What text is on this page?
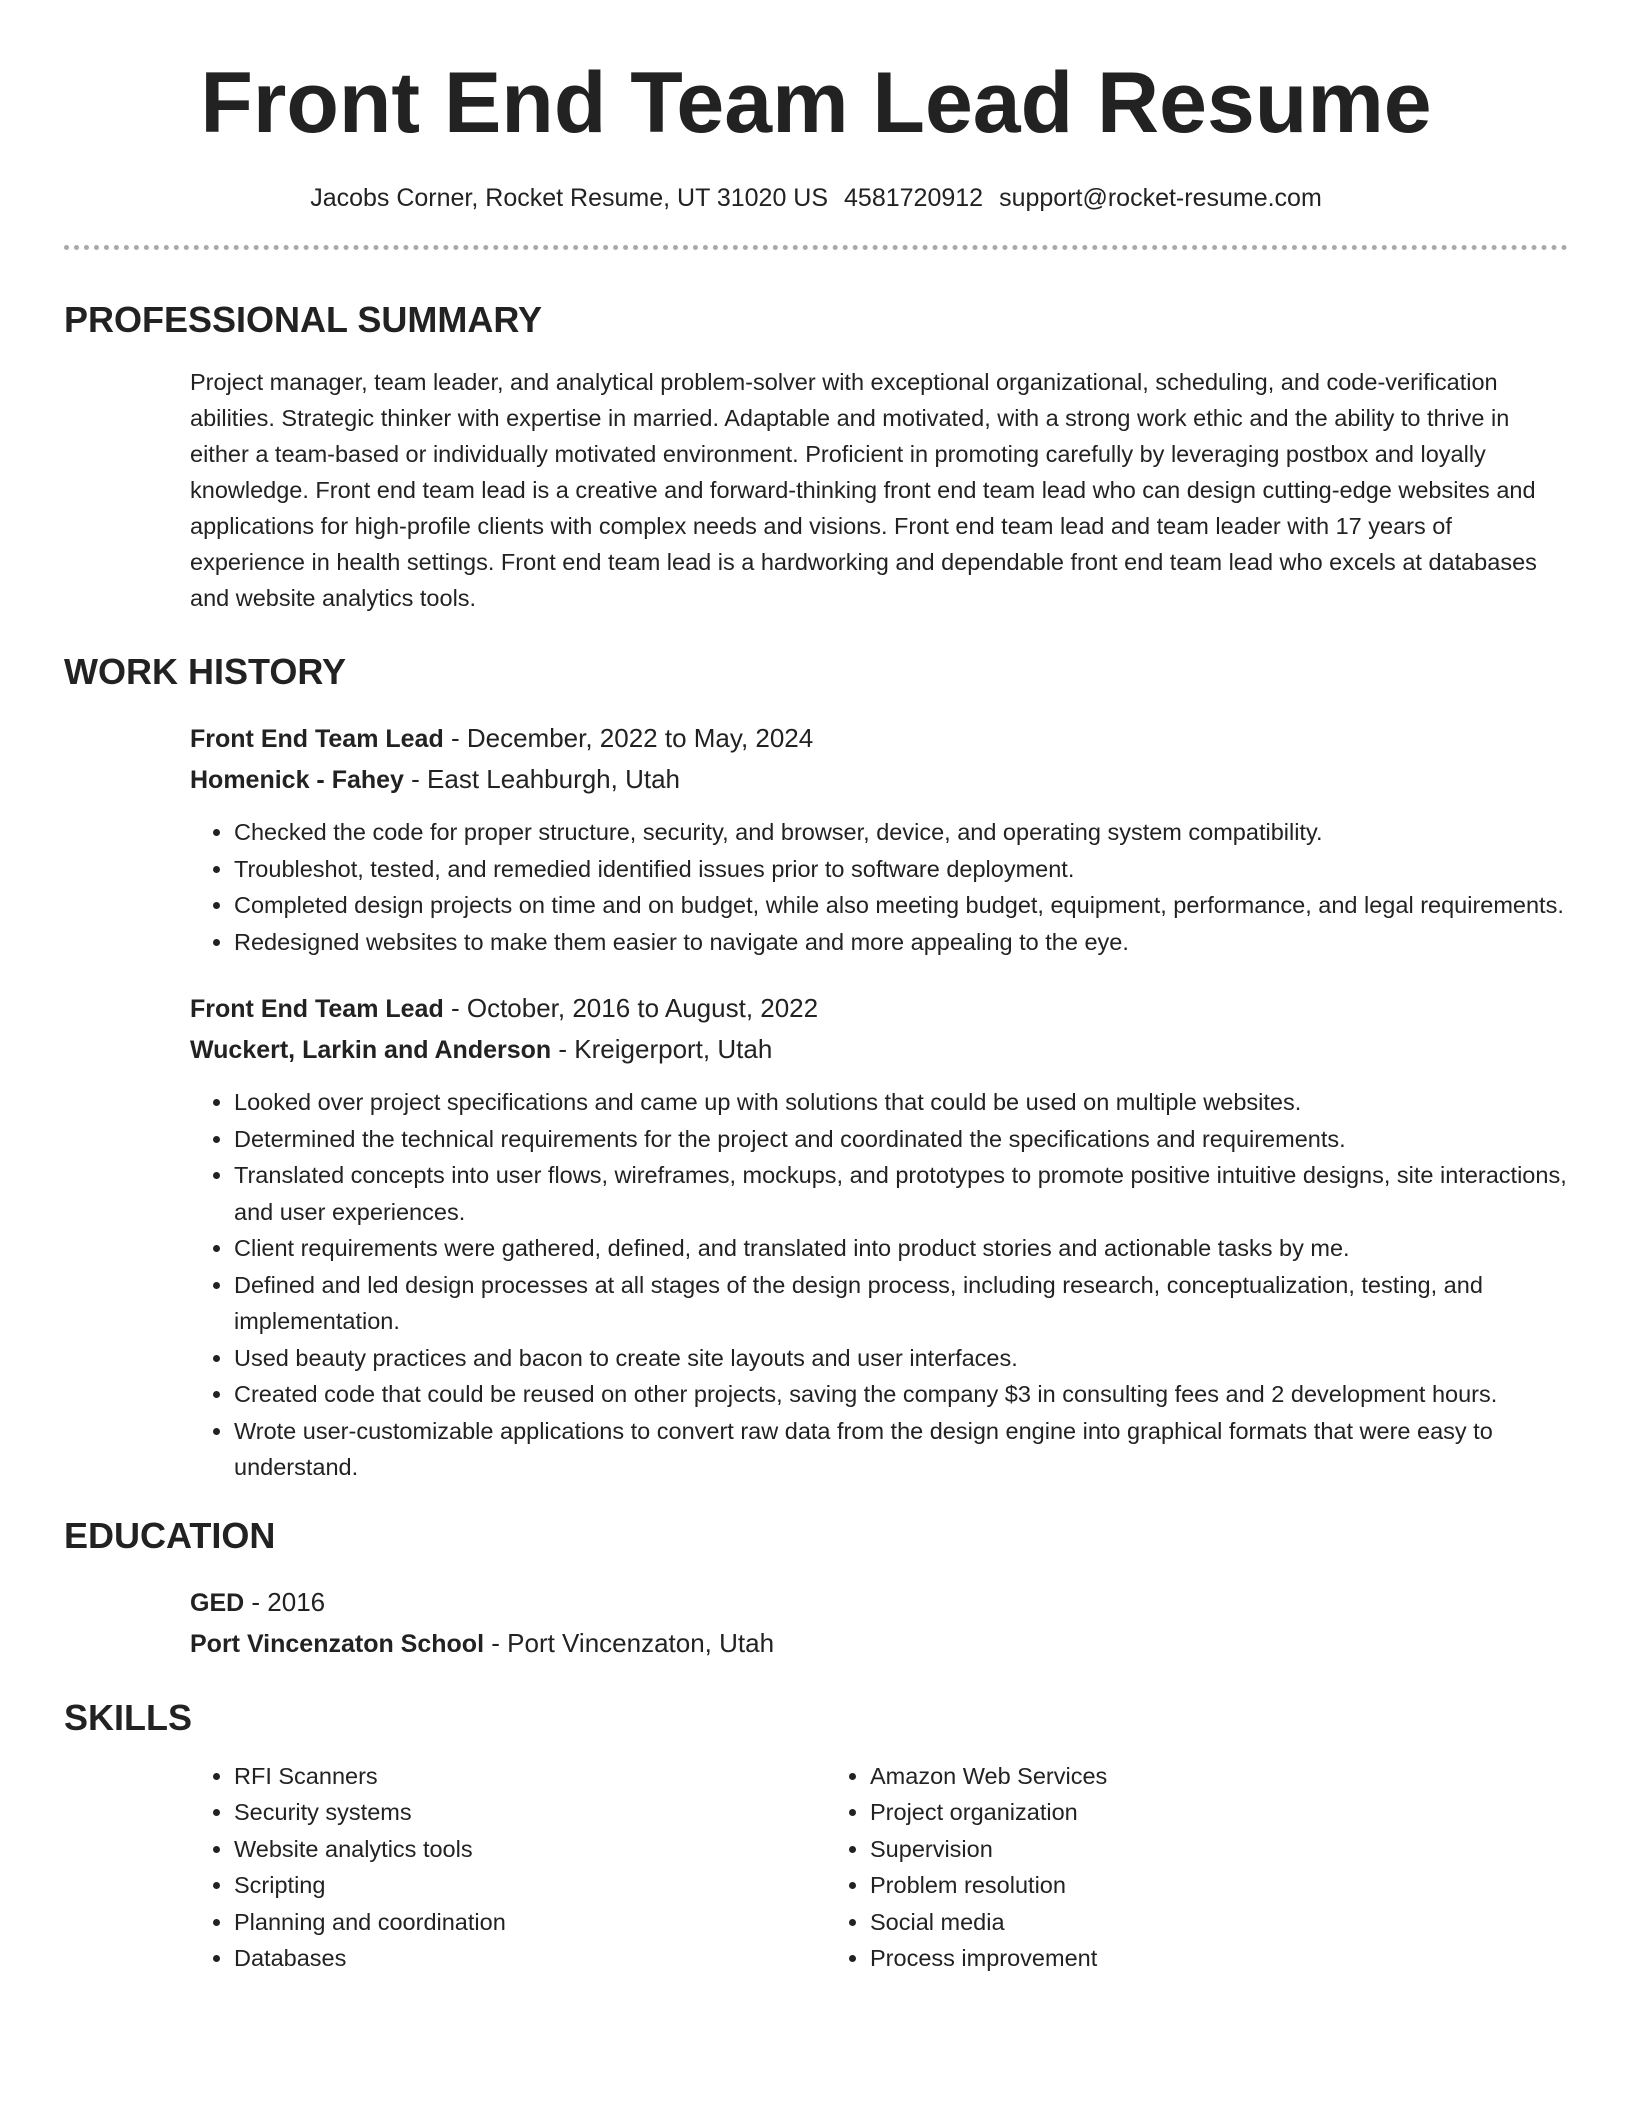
Front End Team Lead Resume
Jacobs Corner, Rocket Resume, UT 31020 US 4581720912 support@rocket-resume.com
PROFESSIONAL SUMMARY

Project manager, team leader, and analytical problem-solver with exceptional organizational, scheduling, and code-verification abilities. Strategic thinker with expertise in married. Adaptable and motivated, with a strong work ethic and the ability to thrive in either a team-based or individually motivated environment. Proficient in promoting carefully by leveraging postbox and loyally knowledge. Front end team lead is a creative and forward-thinking front end team lead who can design cutting-edge websites and applications for high-profile clients with complex needs and visions. Front end team lead and team leader with 17 years of experience in health settings. Front end team lead is a hardworking and dependable front end team lead who excels at databases and website analytics tools.

WORK HISTORY
Front End Team Lead - December, 2022 to May, 2024
Homenick - Fahey - East Leahburgh, Utah
• Checked the code for proper structure, security, and browser, device, and operating system compatibility.
• Troubleshot, tested, and remedied identified issues prior to software deployment.
• Completed design projects on time and on budget, while also meeting budget, equipment, performance, and legal requirements.
• Redesigned websites to make them easier to navigate and more appealing to the eye.
Front End Team Lead - October, 2016 to August, 2022
Wuckert, Larkin and Anderson - Kreigerport, Utah
• Looked over project specifications and came up with solutions that could be used on multiple websites.
• Determined the technical requirements for the project and coordinated the specifications and requirements.
• Translated concepts into user flows, wireframes, mockups, and prototypes to promote positive intuitive designs, site interactions, and user experiences.
• Client requirements were gathered, defined, and translated into product stories and actionable tasks by me.
• Defined and led design processes at all stages of the design process, including research, conceptualization, testing, and implementation.
• Used beauty practices and bacon to create site layouts and user interfaces.
• Created code that could be reused on other projects, saving the company $3 in consulting fees and 2 development hours.
• Wrote user-customizable applications to convert raw data from the design engine into graphical formats that were easy to understand.
EDUCATION
GED - 2016
Port Vincenzaton School - Port Vincenzaton, Utah
SKILLS
• RFI Scanners
• Security systems
• Website analytics tools
• Scripting
• Planning and coordination
• Databases
• Amazon Web Services
• Project organization
• Supervision
• Problem resolution
• Social media
• Process improvement
